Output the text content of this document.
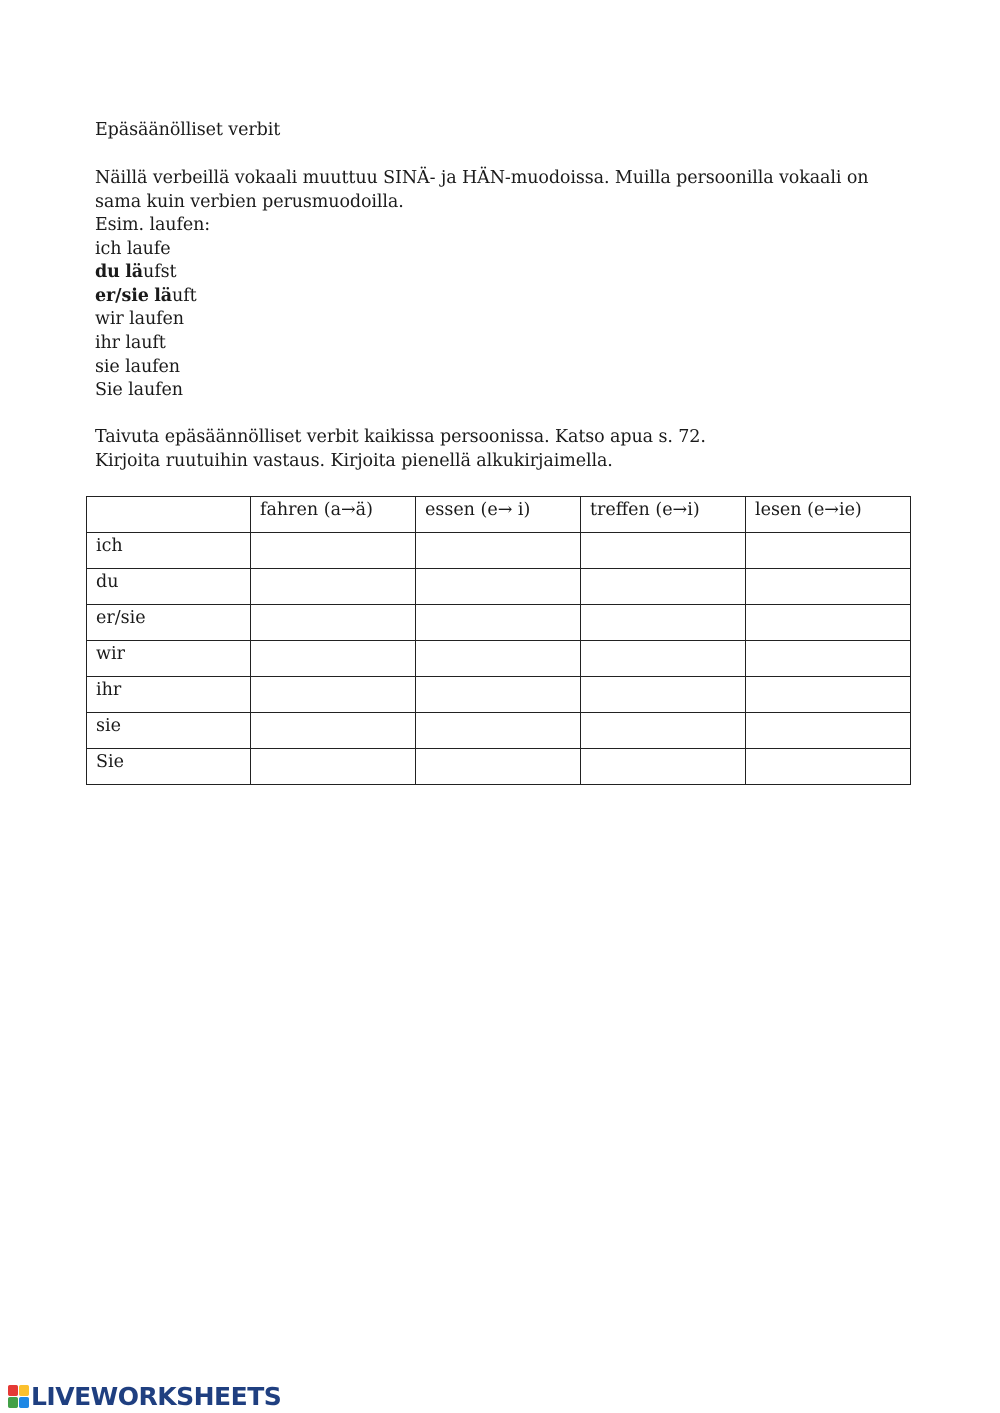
Epäsäänölliset verbit
Näillä verbeillä vokaali muuttuu SINÄ- ja HÄN-muodoissa. Muilla persoonilla vokaali on sama kuin verbien perusmuodoilla.
Esim. laufen:
ich laufe
du läufst
er/sie läuft
wir laufen
ihr lauft
sie laufen
Sie laufen
Taivuta epäsäännölliset verbit kaikissa persoonissa. Katso apua s. 72.
Kirjoita ruutuihin vastaus. Kirjoita pienellä alkukirjaimella.
	fahren (a→ä)	essen (e→ i)	treffen (e→i)	lesen (e→ie)
ich				
du				
er/sie				
wir				
ihr				
sie				
Sie				
LIVEWORKSHEETS
